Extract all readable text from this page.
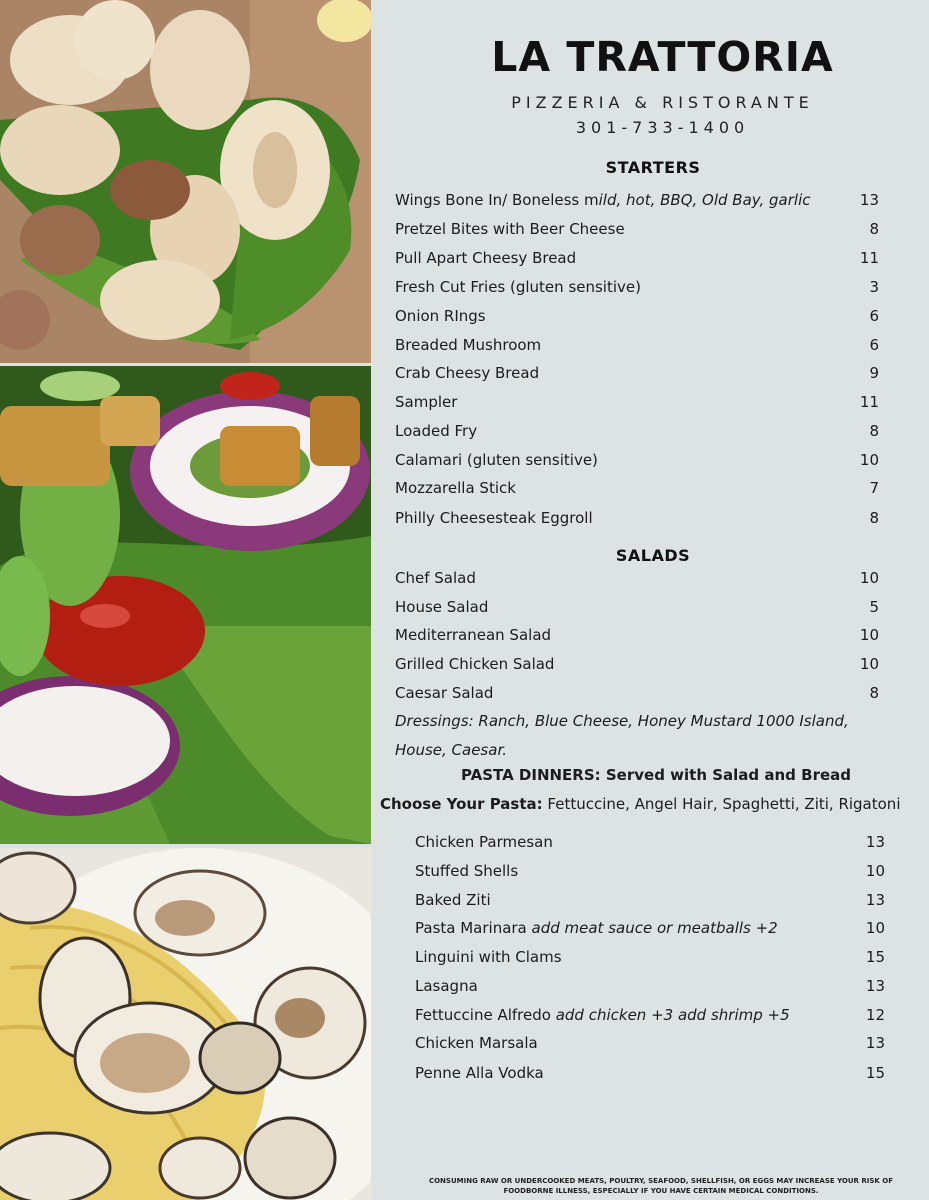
LA TRATTORIA
PIZZERIA & RISTORANTE
301-733-1400
STARTERS
Wings Bone In/ Boneless mild, hot, BBQ, Old Bay, garlic	13
Pretzel Bites with Beer Cheese	8
Pull Apart Cheesy Bread	11
Fresh Cut Fries (gluten sensitive)	3
Onion RIngs	6
Breaded Mushroom	6
Crab Cheesy Bread	9
Sampler	11
Loaded Fry	8
Calamari (gluten sensitive)	10
Mozzarella Stick	7
Philly Cheesesteak Eggroll	8
SALADS
Chef Salad	10
House Salad	5
Mediterranean Salad	10
Grilled Chicken Salad	10
Caesar Salad	8
Dressings: Ranch, Blue Cheese, Honey Mustard 1000 Island,
House, Caesar.
PASTA DINNERS: Served with Salad and Bread
Choose Your Pasta: Fettuccine, Angel Hair, Spaghetti, Ziti, Rigatoni
Chicken Parmesan	13
Stuffed Shells	10
Baked Ziti	13
Pasta Marinara add meat sauce or meatballs +2	10
Linguini with Clams	15
Lasagna	13
Fettuccine Alfredo add chicken +3 add shrimp +5	12
Chicken Marsala	13
Penne Alla Vodka	15
CONSUMING RAW OR UNDERCOOKED MEATS, POULTRY, SEAFOOD, SHELLFISH, OR EGGS MAY INCREASE YOUR RISK OF
FOODBORNE ILLNESS, ESPECIALLY IF YOU HAVE CERTAIN MEDICAL CONDITIONS.
